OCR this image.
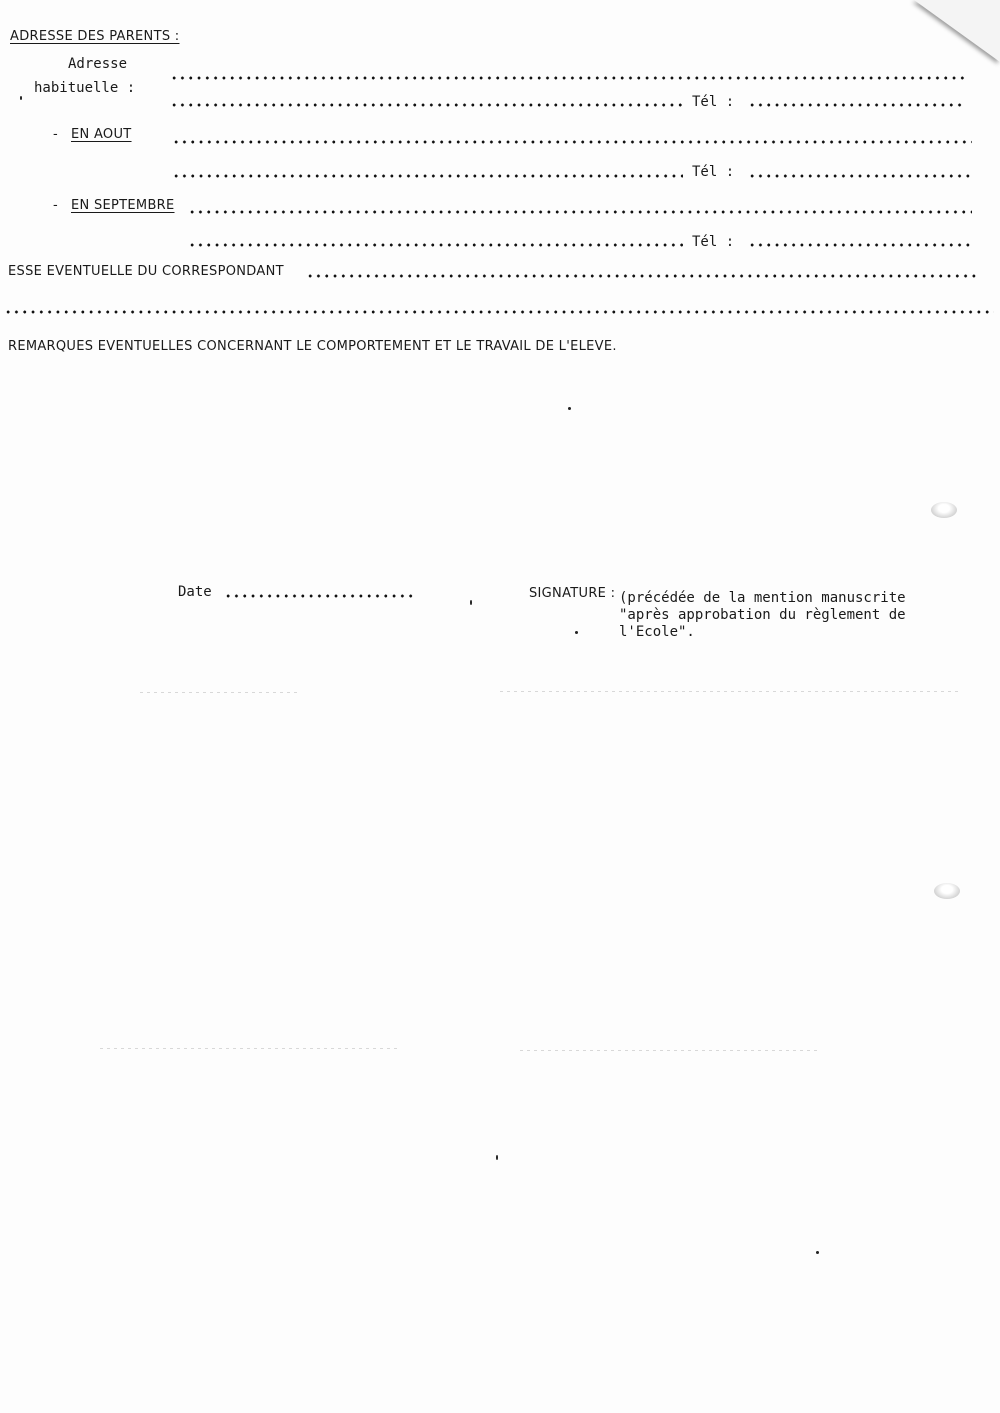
ADRESSE DES PARENTS :
Adresse
habituelle :
Tél :
- EN AOUT
Tél :
- EN SEPTEMBRE
Tél :
ESSE EVENTUELLE DU CORRESPONDANT
REMARQUES EVENTUELLES CONCERNANT LE COMPORTEMENT ET LE TRAVAIL DE L'ELEVE.
Date	SIGNATURE : (précédée de la mention manuscrite
"après approbation du règlement de
l'Ecole".
